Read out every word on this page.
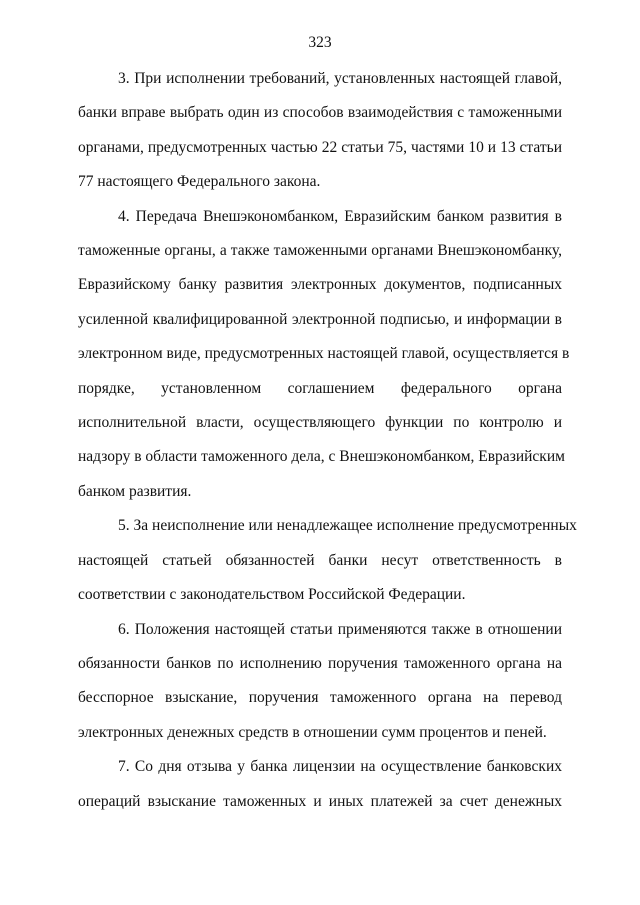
323
3. При исполнении требований, установленных настоящей главой,
банки вправе выбрать один из способов взаимодействия с таможенными
органами, предусмотренных частью 22 статьи 75, частями 10 и 13 статьи
77 настоящего Федерального закона.
4. Передача Внешэкономбанком, Евразийским банком развития в
таможенные органы, а также таможенными органами Внешэкономбанку,
Евразийскому банку развития электронных документов, подписанных
усиленной квалифицированной электронной подписью, и информации в
электронном виде, предусмотренных настоящей главой, осуществляется в
порядке, установленном соглашением федерального органа
исполнительной власти, осуществляющего функции по контролю и
надзору в области таможенного дела, с Внешэкономбанком, Евразийским
банком развития.
5. За неисполнение или ненадлежащее исполнение предусмотренных
настоящей статьей обязанностей банки несут ответственность в
соответствии с законодательством Российской Федерации.
6. Положения настоящей статьи применяются также в отношении
обязанности банков по исполнению поручения таможенного органа на
бесспорное взыскание, поручения таможенного органа на перевод
электронных денежных средств в отношении сумм процентов и пеней.
7. Со дня отзыва у банка лицензии на осуществление банковских
операций взыскание таможенных и иных платежей за счет денежных
